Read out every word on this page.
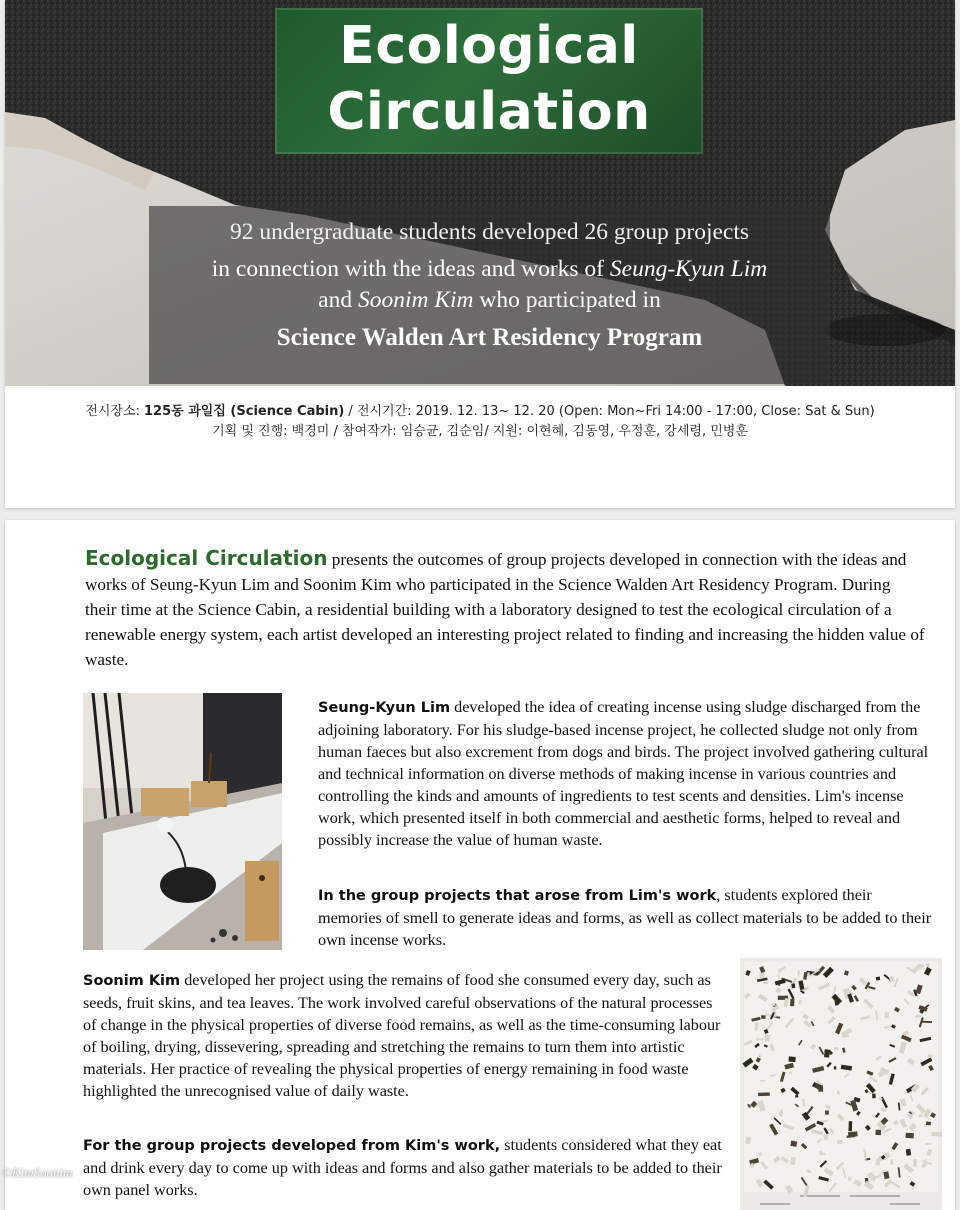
Ecological
Circulation
92 undergraduate students developed 26 group projects
in connection with the ideas and works of Seung-Kyun Lim
and Soonim Kim who participated in
Science Walden Art Residency Program
전시장소: 125동 과일집 (Science Cabin) / 전시기간: 2019. 12. 13~ 12. 20 (Open: Mon~Fri 14:00 - 17:00, Close: Sat & Sun)
기획 및 진행: 백경미 / 참여작가: 임승균, 김순임/ 지원: 이현혜, 김동영, 우정훈, 강세령, 민병훈
Ecological Circulation presents the outcomes of group projects developed in connection with the ideas and works of Seung-Kyun Lim and Soonim Kim who participated in the Science Walden Art Residency Program. During their time at the Science Cabin, a residential building with a laboratory designed to test the ecological circulation of a renewable energy system, each artist developed an interesting project related to finding and increasing the hidden value of waste.
Seung-Kyun Lim developed the idea of creating incense using sludge discharged from the adjoining laboratory. For his sludge-based incense project, he collected sludge not only from human faeces but also excrement from dogs and birds. The project involved gathering cultural and technical information on diverse methods of making incense in various countries and controlling the kinds and amounts of ingredients to test scents and densities. Lim's incense work, which presented itself in both commercial and aesthetic forms, helped to reveal and possibly increase the value of human waste.
In the group projects that arose from Lim's work, students explored their memories of smell to generate ideas and forms, as well as collect materials to be added to their own incense works.
Soonim Kim developed her project using the remains of food she consumed every day, such as seeds, fruit skins, and tea leaves. The work involved careful observations of the natural processes of change in the physical properties of diverse food remains, as well as the time-consuming labour of boiling, drying, dissevering, spreading and stretching the remains to turn them into artistic materials. Her practice of revealing the physical properties of energy remaining in food waste highlighted the unrecognised value of daily waste.
For the group projects developed from Kim's work, students considered what they eat and drink every day to come up with ideas and forms and also gather materials to be added to their own panel works.
©KimSoonim
